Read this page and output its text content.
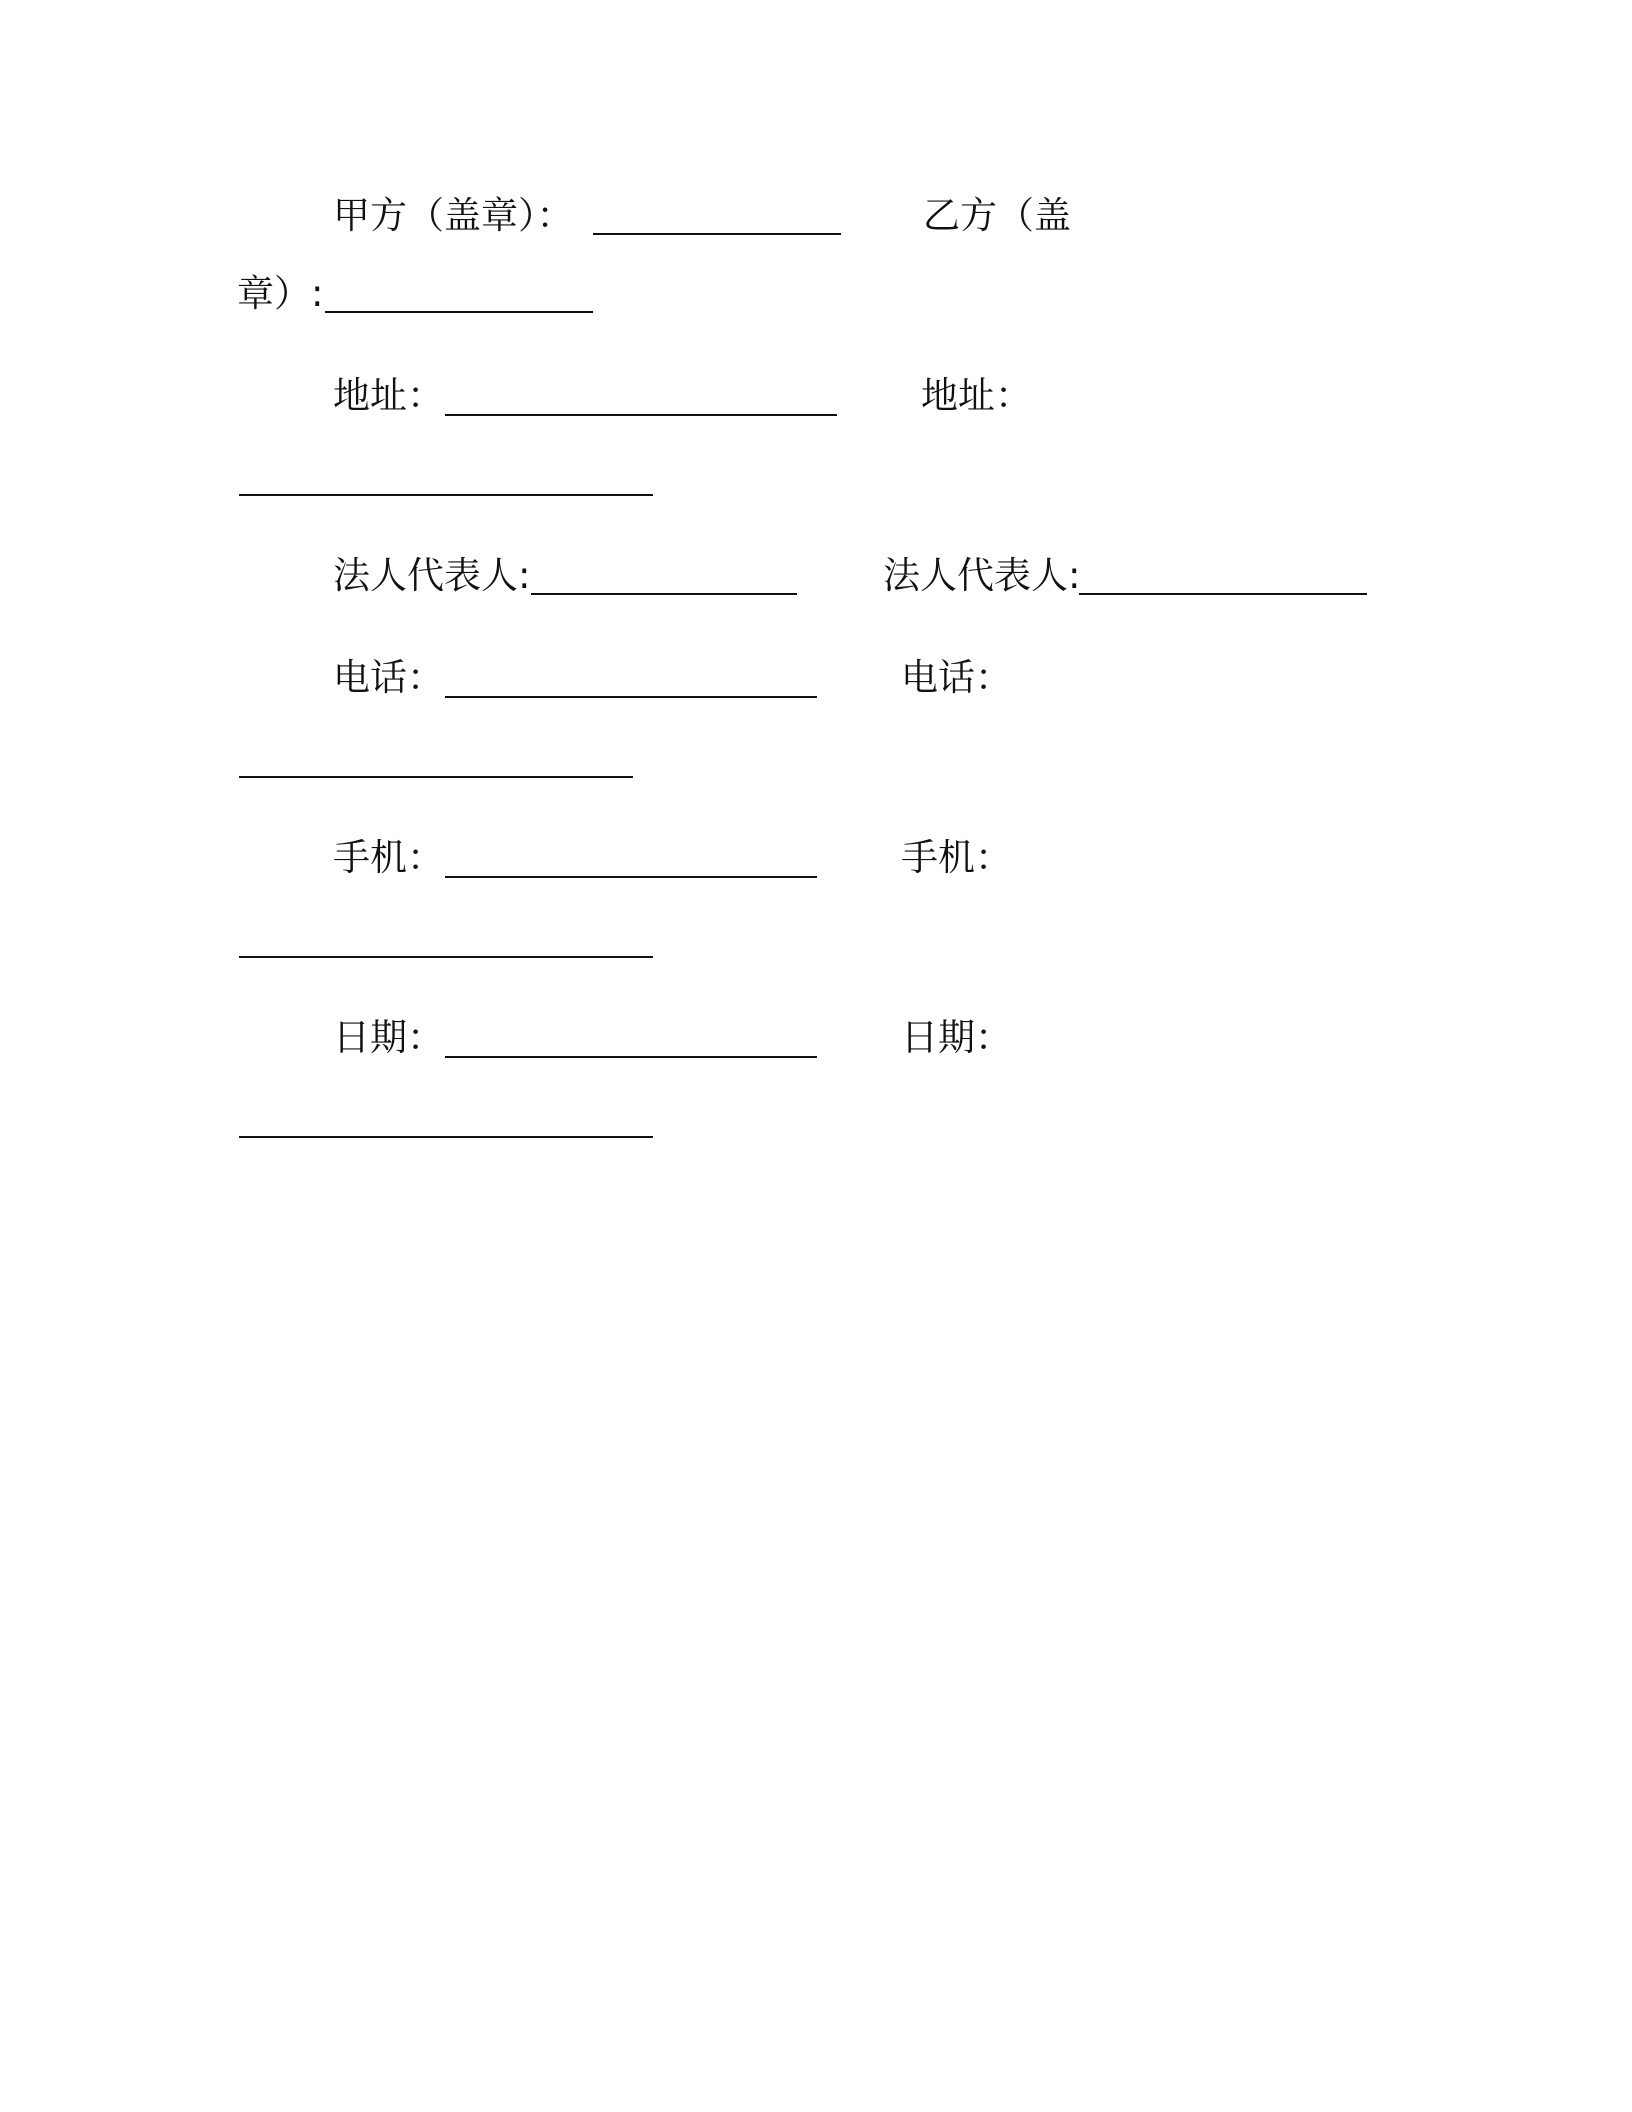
甲方（盖章）：	乙方（盖
章）:
地址：	地址：
法人代表人:	法人代表人:
电话：	电话：
手机：	手机：
日期：	日期：
